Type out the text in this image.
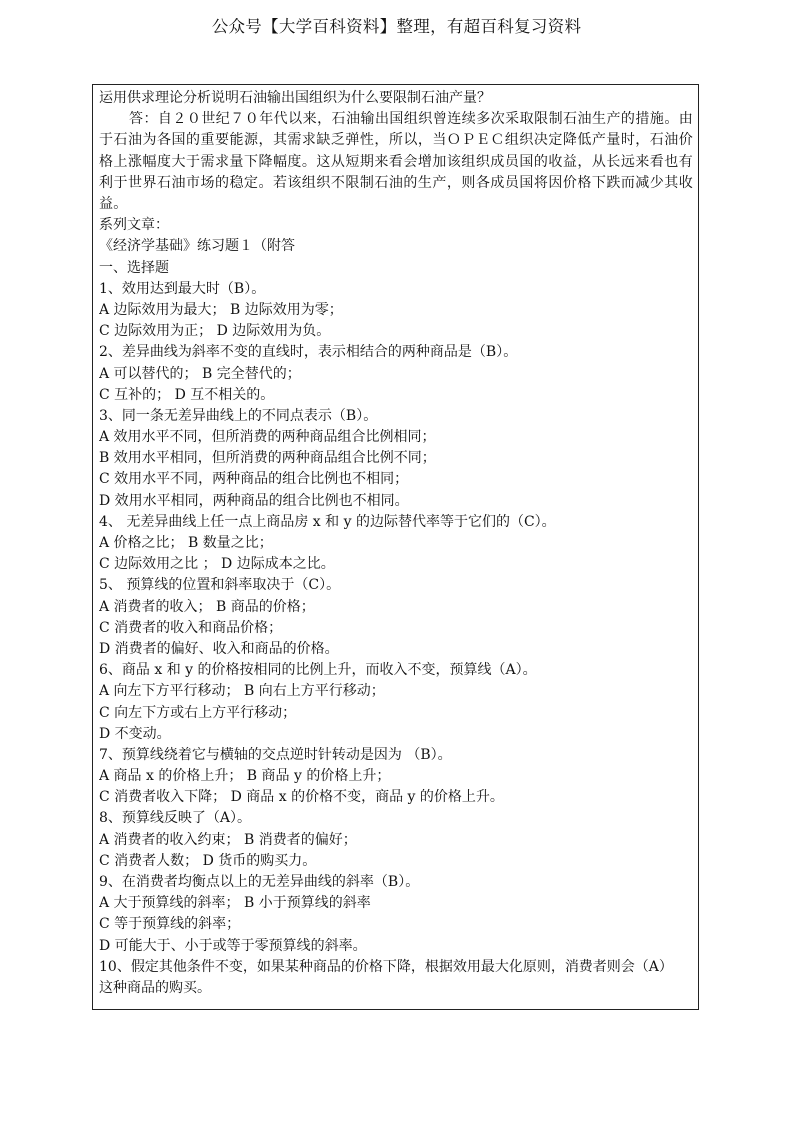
公众号【大学百科资料】整理，有超百科复习资料
运用供求理论分析说明石油输出国组织为什么要限制石油产量？
答：自２０世纪７０年代以来，石油输出国组织曾连续多次采取限制石油生产的措施。由于石油为各国的重要能源，其需求缺乏弹性，所以，当ＯＰＥＣ组织决定降低产量时，石油价格上涨幅度大于需求量下降幅度。这从短期来看会增加该组织成员国的收益，从长远来看也有利于世界石油市场的稳定。若该组织不限制石油的生产，则各成员国将因价格下跌而减少其收益。
系列文章：
《经济学基础》练习题１（附答
一、选择题
1、效用达到最大时（B）。
A 边际效用为最大； B 边际效用为零；
C 边际效用为正； D 边际效用为负。
2、差异曲线为斜率不变的直线时，表示相结合的两种商品是（B）。
A 可以替代的； B 完全替代的；
C 互补的； D 互不相关的。
3、同一条无差异曲线上的不同点表示（B）。
A 效用水平不同，但所消费的两种商品组合比例相同；
B 效用水平相同，但所消费的两种商品组合比例不同；
C 效用水平不同，两种商品的组合比例也不相同；
D 效用水平相同，两种商品的组合比例也不相同。
4、 无差异曲线上任一点上商品房 x 和 y 的边际替代率等于它们的（C）。
A 价格之比； B 数量之比；
C 边际效用之比 ； D 边际成本之比。
5、 预算线的位置和斜率取决于（C）。
A 消费者的收入； B 商品的价格；
C 消费者的收入和商品价格；
D 消费者的偏好、收入和商品的价格。
6、商品 x 和 y 的价格按相同的比例上升，而收入不变，预算线（A）。
A 向左下方平行移动； B 向右上方平行移动；
C 向左下方或右上方平行移动；
D 不变动。
7、预算线绕着它与横轴的交点逆时针转动是因为 （B）。
A 商品 x 的价格上升； B 商品 y 的价格上升；
C 消费者收入下降； D 商品 x 的价格不变，商品 y 的价格上升。
8、预算线反映了（A）。
A 消费者的收入约束； B 消费者的偏好；
C 消费者人数； D 货币的购买力。
9、在消费者均衡点以上的无差异曲线的斜率（B）。
A 大于预算线的斜率； B 小于预算线的斜率
C 等于预算线的斜率；
D 可能大于、小于或等于零预算线的斜率。
10、假定其他条件不变，如果某种商品的价格下降，根据效用最大化原则，消费者则会（A）
这种商品的购买。
